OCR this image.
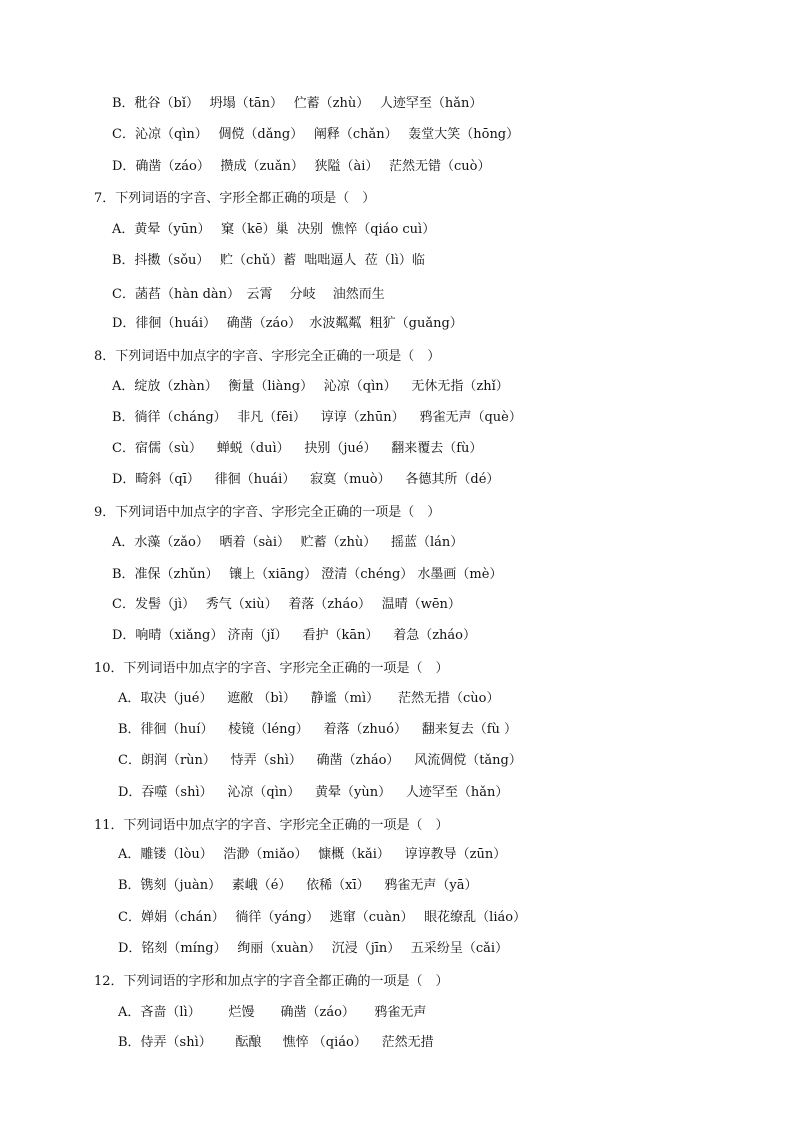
B．秕谷（bǐ）　 坍塌（tān）　 伫蓄（zhù）　 人迹罕至（hǎn）
C．沁凉（qìn）　 倜傥（dǎng）　 阐释（chǎn）　 轰堂大笑（hōng）
D．确凿（záo）　 攒成（zuǎn）　 狭隘（ài）　 茫然无错（cuò）
7．下列词语的字音、字形全都正确的项是（　）
A．黄晕（yūn）　 窠（kē）巢  决别  憔悴（qiáo cuì）
B．抖擞（sǒu）　 贮（chǔ）蓄  咄咄逼人  莅（lì）临
C．菡萏（hàn dàn）　云霄　 分岐　 油然而生
D．徘徊（huái）　 确凿（záo）  水波粼粼  粗犷（guǎng）
8．下列词语中加点字的字音、字形完全正确的一项是（　）
A．绽放（zhàn）　 衡量（liàng）　 沁凉（qìn）　  无休无指（zhǐ）
B．徜徉（cháng）　 非凡（fēi）　  谆谆（zhūn）　  鸦雀无声（què）
C．宿儒（sù）　  蝉蜕（duì）　  抉别（jué）　  翻来覆去（fù）
D．畸斜（qī）　  徘徊（huái）　  寂寞（muò）　  各德其所（dé）
9．下列词语中加点字的字音、字形完全正确的一项是（　）
A．水藻（zǎo）　 晒着（sài）　 贮蓄（zhù）　  摇蓝（lán）
B．准保（zhǔn）　 镶上（xiāng） 澄清（chéng） 水墨画（mè）
C．发髻（jì）　 秀气（xiù）　 着落（zháo）　 温晴（wēn）
D．响晴（xiǎng） 济南（jǐ）　  看护（kān）　  着急（zháo）
10．下列词语中加点字的字音、字形完全正确的一项是（　）
A．取决（jué）　  遮敝 （bì）　  静谧（mì）　   茫然无措（cùo）
B．徘徊（huí）　  棱镜（léng）　  着落（zhuó）　  翻来复去（fù ）
C．朗润（rùn）　  恃弄（shì）　  确凿（zháo）　  风流倜傥（tǎng）
D．吞噬（shì）　  沁凉（qìn）　  黄晕（yùn）　  人迹罕至（hǎn）
11．下列词语中加点字的字音、字形完全正确的一项是（　）
A．雕镂（lòu）　 浩渺（miǎo）　 慷概（kǎi）　  谆谆教导（zūn）
B．镌刻（juàn）　 素峨（é）　  依稀（xī）　  鸦雀无声（yā）
C．婵娟（chán）　 徜徉（yáng）　 逃窜（cuàn）　 眼花缭乱（liáo）
D．铭刻（míng）　 绚丽（xuàn）　 沉浸（jīn）　 五采纷呈（cǎi）
12．下列词语的字形和加点字的字音全都正确的一项是（　）
A．吝啬（lì）　　  烂馒　　确凿（záo）　　鸦雀无声
B．侍弄（shì）　　 酝酿　  憔悴 （qiáo）　  茫然无措
